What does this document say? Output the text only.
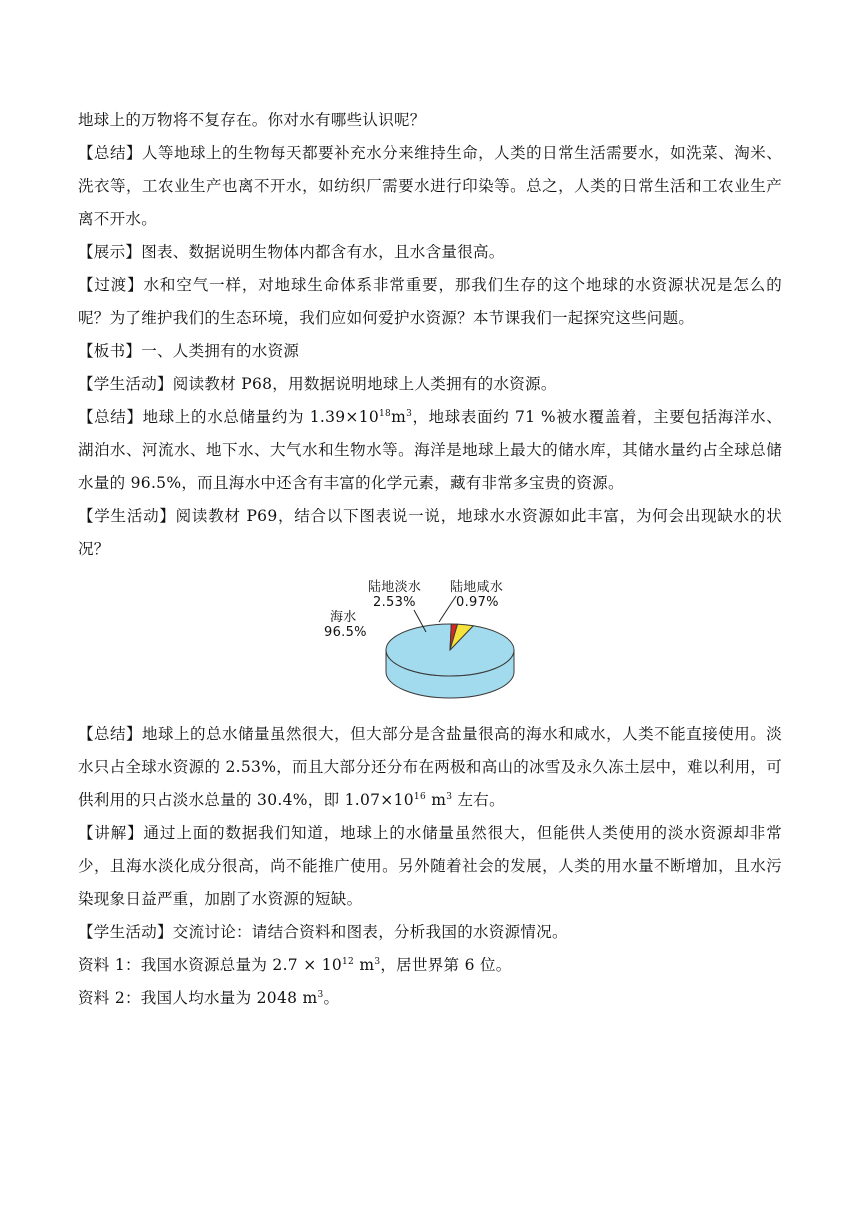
地球上的万物将不复存在。你对水有哪些认识呢？

【总结】人等地球上的生物每天都要补充水分来维持生命，人类的日常生活需要水，如洗菜、淘米、洗衣等，工农业生产也离不开水，如纺织厂需要水进行印染等。总之，人类的日常生活和工农业生产离不开水。

【展示】图表、数据说明生物体内都含有水，且水含量很高。

【过渡】水和空气一样，对地球生命体系非常重要，那我们生存的这个地球的水资源状况是怎么的呢？为了维护我们的生态环境，我们应如何爱护水资源？本节课我们一起探究这些问题。

【板书】一、人类拥有的水资源

【学生活动】阅读教材 P68，用数据说明地球上人类拥有的水资源。

【总结】地球上的水总储量约为 $1.39\times 10^{18}m^3$，地球表面约 71 %被水覆盖着，主要包括海洋水、湖泊水、河流水、地下水、大气水和生物水等。海洋是地球上最大的储水库，其储水量约占全球总储水量的 96.5%，而且海水中还含有丰富的化学元素，藏有非常多宝贵的资源。

【学生活动】阅读教材 P69，结合以下图表说一说，地球水水资源如此丰富，为何会出现缺水的状况？

海水
96.5%
陆地淡水
2.53%
陆地咸水
0.97%

【总结】地球上的总水储量虽然很大，但大部分是含盐量很高的海水和咸水，人类不能直接使用。淡水只占全球水资源的 2.53%，而且大部分还分布在两极和高山的冰雪及永久冻土层中，难以利用，可供利用的只占淡水总量的 30.4%，即 $1.07\times 10^{16}$ $m^3$ 左右。

【讲解】通过上面的数据我们知道，地球上的水储量虽然很大，但能供人类使用的淡水资源却非常少，且海水淡化成分很高，尚不能推广使用。另外随着社会的发展，人类的用水量不断增加，且水污染现象日益严重，加剧了水资源的短缺。

【学生活动】交流讨论：请结合资料和图表，分析我国的水资源情况。

资料 1：我国水资源总量为 $2.7 \times 10^{12}$ $m^3$，居世界第 6 位。

资料 2：我国人均水量为 2048 $m^3$。
